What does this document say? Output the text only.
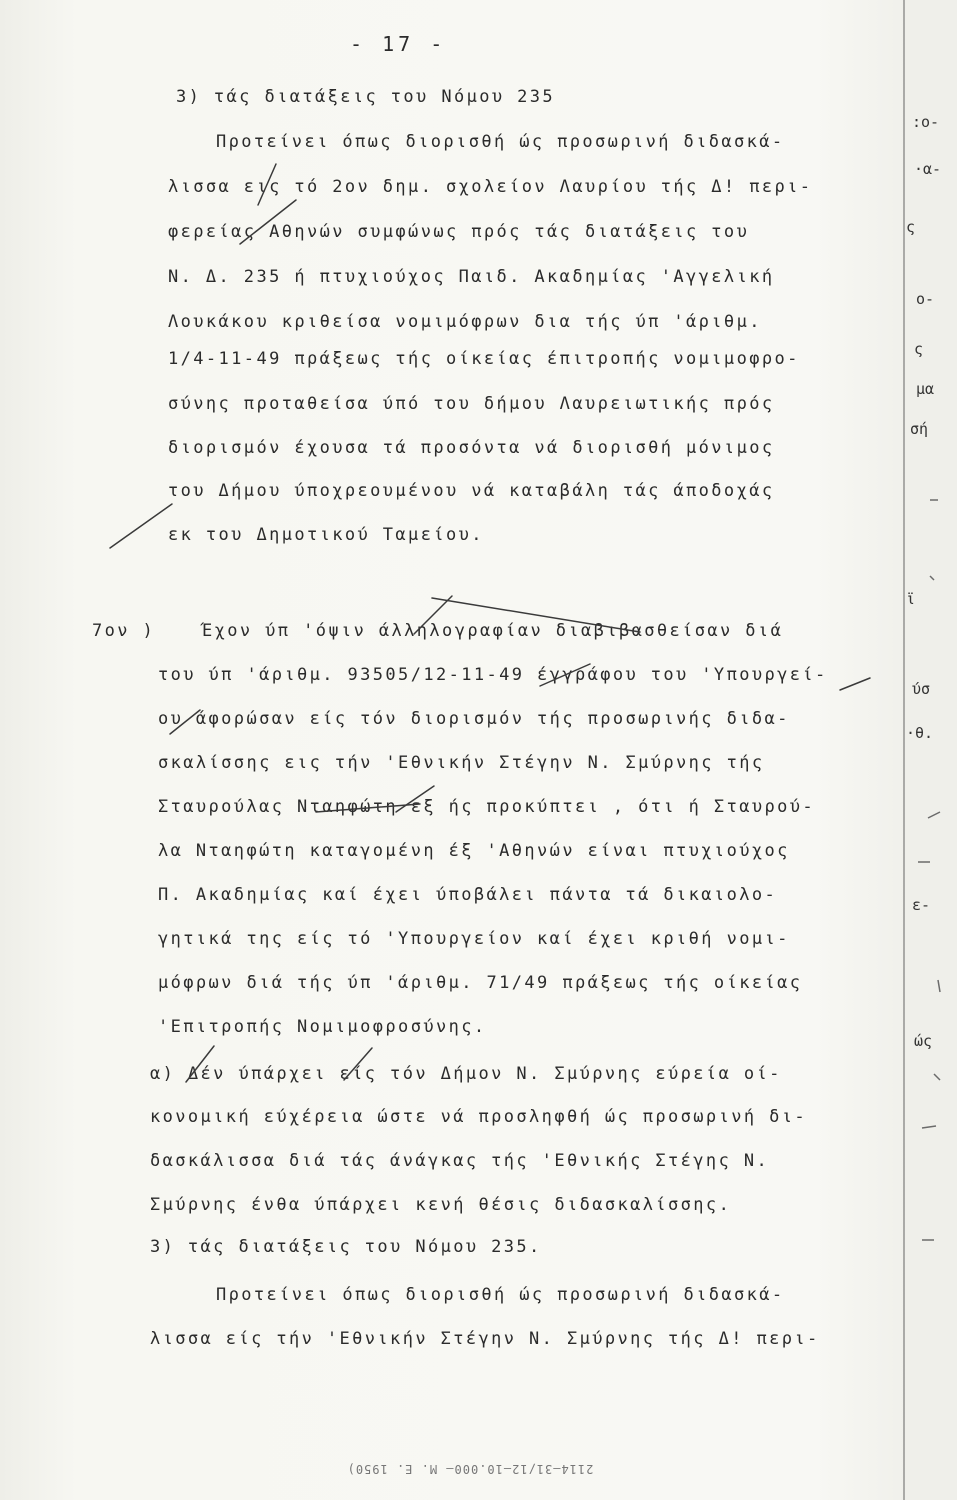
- 17 -
3) τάς διατάξεις του Νόμου 235
Προτείνει όπως διορισθή ώς προσωρινή διδασκά-
λισσα εις τό 2ον δημ. σχολείον Λαυρίου τής Δ! περι-
φερείας Αθηνών συμφώνως πρός τάς διατάξεις του
Ν. Δ. 235 ή πτυχιούχος Παιδ. Ακαδημίας 'Αγγελική
Λουκάκου κριθείσα νομιμόφρων δια τής ύπ 'άριθμ.
1/4-11-49 πράξεως τής οίκείας έπιτροπής νομιμοφρο-
σύνης προταθείσα ύπό του δήμου Λαυρειωτικής πρός
διορισμόν έχουσα τά προσόντα νά διορισθή μόνιμος
του Δήμου ύποχρεουμένου νά καταβάλη τάς άποδοχάς
εκ του Δημοτικού Ταμείου.
7ον )	Έχον ύπ 'όψιν άλληλογραφίαν διαβιβασθείσαν διά
του ύπ 'άριθμ. 93505/12-11-49 έγγράφου του 'Υπουργεί-
ου άφορώσαν είς τόν διορισμόν τής προσωρινής διδα-
σκαλίσσης εις τήν 'Εθνικήν Στέγην Ν. Σμύρνης τής
Σταυρούλας Νταηφώτη εξ ής προκύπτει , ότι ή Σταυρού-
λα Νταηφώτη καταγομένη έξ 'Αθηνών είναι πτυχιούχος
Π. Ακαδημίας καί έχει ύποβάλει πάντα τά δικαιολο-
γητικά της είς τό 'Υπουργείον καί έχει κριθή νομι-
μόφρων διά τής ύπ 'άριθμ. 71/49 πράξεως τής οίκείας
'Επιτροπής Νομιμοφροσύνης.
α) Δέν ύπάρχει είς τόν Δήμον Ν. Σμύρνης εύρεία οί-
κονομική εύχέρεια ώστε νά προσληφθή ώς προσωρινή δι-
δασκάλισσα διά τάς άνάγκας τής 'Εθνικής Στέγης Ν.
Σμύρνης ένθα ύπάρχει κενή θέσις διδασκαλίσσης.
3) τάς διατάξεις του Νόμου 235.
Προτείνει όπως διορισθή ώς προσωρινή διδασκά-
λισσα είς τήν 'Εθνικήν Στέγην Ν. Σμύρνης τής Δ! περι-
:ο-
·α-
ς
ο-
ς
μα
σή
ϊ
ύσ
·θ.
ε-
ώς
2114—31/12—10.000— Μ. Ε. 1950)
